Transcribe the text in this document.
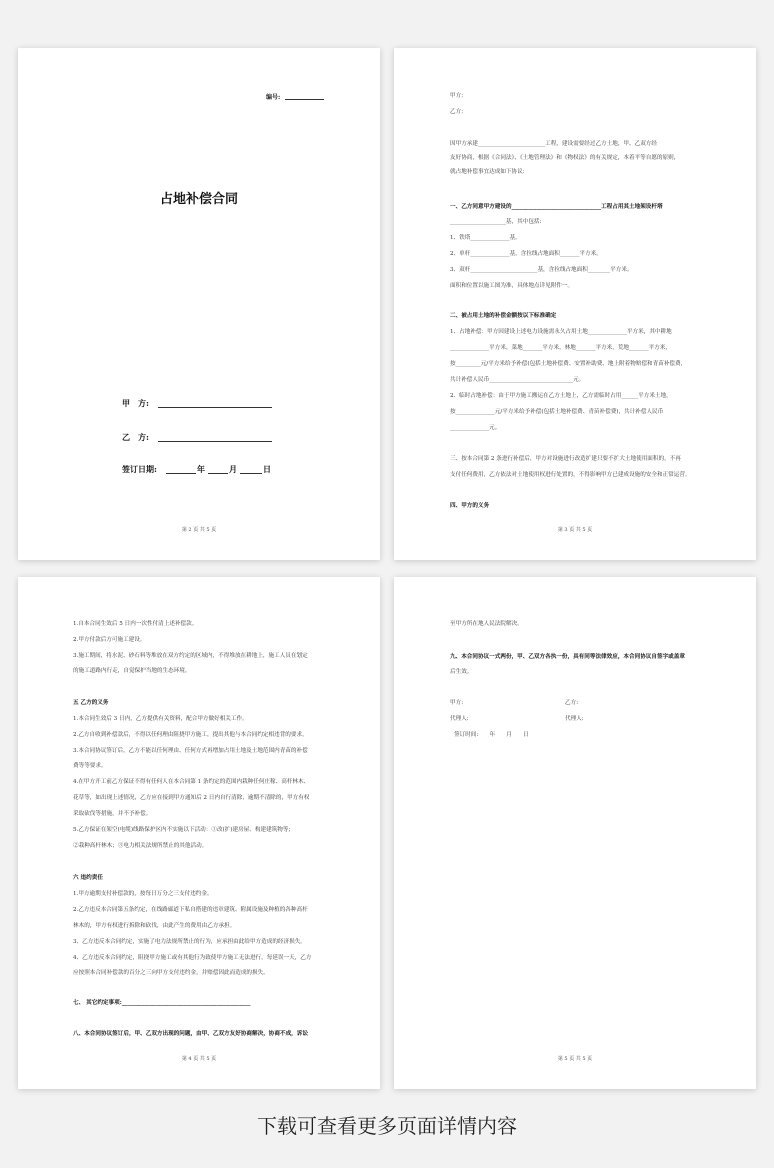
编号:
占地补偿合同
甲　方:
乙　方:
签订日期:	年	月	日
第 2 页 共 5 页
甲方:
乙方:
因甲方承建________________________工程，建设需要经过乙方土地，甲、乙双方经
友好协商，根据《合同法》、《土地管理法》和《物权法》的有关规定，本着平等自愿的原则，
就占地补偿事宜达成如下协议:
一、乙方同意甲方建设的________________________________工程占用其土地架设杆塔
____________________基，其中包括:
1、铁塔______________基。
2、单杆______________基，含拉线占地面积_______平方米。
3、双杆________________________基，含拉线占地面积________平方米。
面积和位置以施工图为准，具体地点详见附件一。
二、被占用土地的补偿金额按以下标准确定
1、占地补偿：甲方因建设上述电力设施需永久占用土地______________平方米，其中耕地
______________平方米，菜地_______平方米，林地_______平方米，荒地_______平方米，
按_________元/平方米给予补偿(包括土地补偿费、安置补助费、地上附着物赔偿和青苗补偿费，
共计补偿人民币______________________________元。
2、临时占地补偿：由于甲方施工搬运在乙方土地上，乙方需临时占用______平方米土地，
按______________元/平方米给予补偿(包括土地补偿费、青苗补偿费)，共计补偿人民币
______________元。
三、按本合同第 2 条进行补偿后，甲方对设施进行改造扩建只要不扩大土地使用面积的，不再
支付任何费用，乙方依法对土地使用权进行处置的，不得影响甲方已建成设施的安全和正常运营。
四、甲方的义务
第 3 页 共 5 页
1.自本合同生效后 5 日内一次性付清上述补偿款。
2.甲方付款后方可施工建设。
3.施工期间，将水泥、砂石料等堆放在双方约定的区域内，不得堆放在耕地上，施工人员在划定
的施工道路内行走，自觉保护当地的生态环境。
五 乙方的义务
1.本合同生效后 3 日内，乙方提供有关资料，配合甲方做好相关工作。
2.乙方自收到补偿款后，不得以任何理由阻挠甲方施工，提出其他与本合同约定相违背的要求。
3.本合同协议签订后，乙方不能以任何理由、任何方式再增加占用土地及土地范围内青苗的补偿
费等等要求。
4.在甲方开工前乙方保证不得有任何人在本合同第 1 条约定的范围内栽种任何庄稼、高杆林木、
花草等，如出现上述情况，乙方应在接到甲方通知后 2 日内自行清除，逾期不清除的，甲方有权
采取砍伐等措施，并不予补偿。
5.乙方保证在架空(电缆)线路保护区内不实施以下活动：①改(扩)建房屋、构建建筑物等;
②栽种高杆林木；③电力相关法规所禁止的其他活动。
六 违约责任
1.甲方逾期支付补偿款的，按每日万分之三支付违约金。
2.乙方违反本合同第五条约定，在线路廊道下私自搭建的违章建筑、附属设施及种植的各种高杆
林木的，甲方有权进行拆除和砍伐，由此产生的费用由乙方承担。
3、乙方违反本合同约定，实施了电力法规所禁止的行为，应承担由此给甲方造成的经济损失。
4、乙方违反本合同约定，阻挠甲方施工或有其他行为致使甲方施工无法进行，每延误一天，乙方
应按照本合同补偿款的百分之三向甲方支付违约金，并赔偿因此而造成的损失。
七、 其它约定事项:______________________________________________
八、本合同协议签订后，甲、乙双方出现的问题，由甲、乙双方友好协商解决，协商不成，诉讼
第 4 页 共 5 页
至甲方所在地人民法院解决。
九、本合同协议一式两份，甲、乙双方各执一份，具有同等法律效应，本合同协议自签字或盖章
后生效。
甲方:	乙方:
代理人:	代理人:
签订时间:　　年　　月　　日
第 5 页 共 5 页
下载可查看更多页面详情内容
